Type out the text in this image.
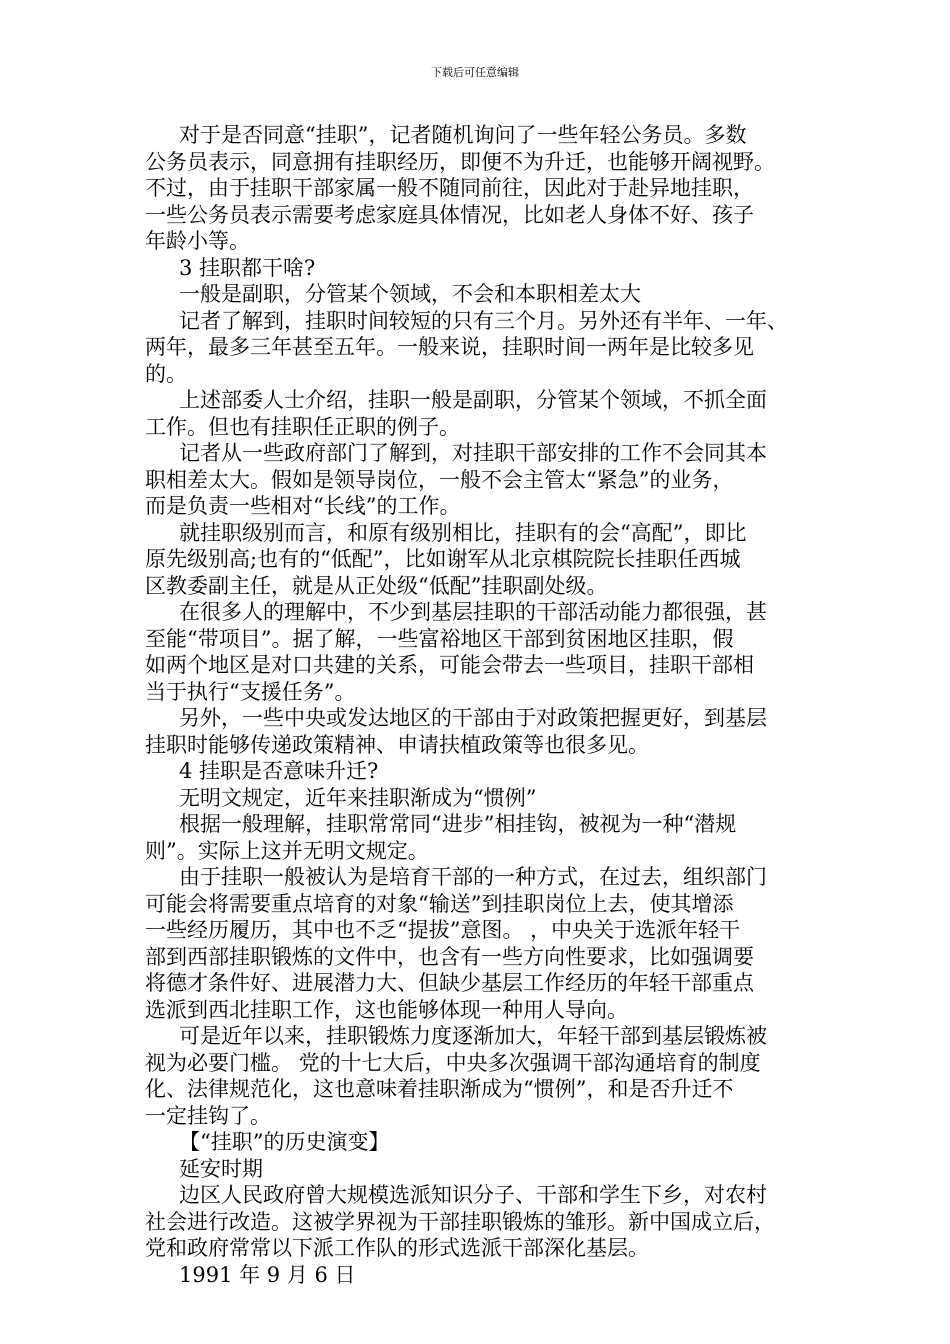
下载后可任意编辑

对于是否同意“挂职”，记者随机询问了一些年轻公务员。多数

公务员表示，同意拥有挂职经历，即便不为升迁，也能够开阔视野。

不过，由于挂职干部家属一般不随同前往，因此对于赴异地挂职，

一些公务员表示需要考虑家庭具体情况，比如老人身体不好、孩子

年龄小等。

3 挂职都干啥?

一般是副职，分管某个领域，不会和本职相差太大

记者了解到，挂职时间较短的只有三个月。另外还有半年、一年、

两年，最多三年甚至五年。一般来说，挂职时间一两年是比较多见

的。

上述部委人士介绍，挂职一般是副职，分管某个领域，不抓全面

工作。但也有挂职任正职的例子。

记者从一些政府部门了解到，对挂职干部安排的工作不会同其本

职相差太大。假如是领导岗位，一般不会主管太“紧急”的业务，

而是负责一些相对“长线”的工作。

就挂职级别而言，和原有级别相比，挂职有的会“高配”，即比

原先级别高;也有的“低配”，比如谢军从北京棋院院长挂职任西城

区教委副主任，就是从正处级“低配”挂职副处级。

在很多人的理解中，不少到基层挂职的干部活动能力都很强，甚

至能“带项目”。据了解，一些富裕地区干部到贫困地区挂职，假

如两个地区是对口共建的关系，可能会带去一些项目，挂职干部相

当于执行“支援任务”。

另外，一些中央或发达地区的干部由于对政策把握更好，到基层

挂职时能够传递政策精神、申请扶植政策等也很多见。

4 挂职是否意味升迁?

无明文规定，近年来挂职渐成为“惯例”

根据一般理解，挂职常常同“进步”相挂钩，被视为一种“潜规

则”。实际上这并无明文规定。

由于挂职一般被认为是培育干部的一种方式，在过去，组织部门

可能会将需要重点培育的对象“输送”到挂职岗位上去，使其增添

一些经历履历，其中也不乏“提拔”意图。 ，中央关于选派年轻干

部到西部挂职锻炼的文件中，也含有一些方向性要求，比如强调要

将德才条件好、进展潜力大、但缺少基层工作经历的年轻干部重点

选派到西北挂职工作，这也能够体现一种用人导向。

可是近年以来，挂职锻炼力度逐渐加大，年轻干部到基层锻炼被

视为必要门槛。 党的十七大后，中央多次强调干部沟通培育的制度

化、法律规范化，这也意味着挂职渐成为“惯例”，和是否升迁不

一定挂钩了。

【“挂职”的历史演变】

延安时期

边区人民政府曾大规模选派知识分子、干部和学生下乡，对农村

社会进行改造。这被学界视为干部挂职锻炼的雏形。新中国成立后，

党和政府常常以下派工作队的形式选派干部深化基层。

1991 年 9 月 6 日
